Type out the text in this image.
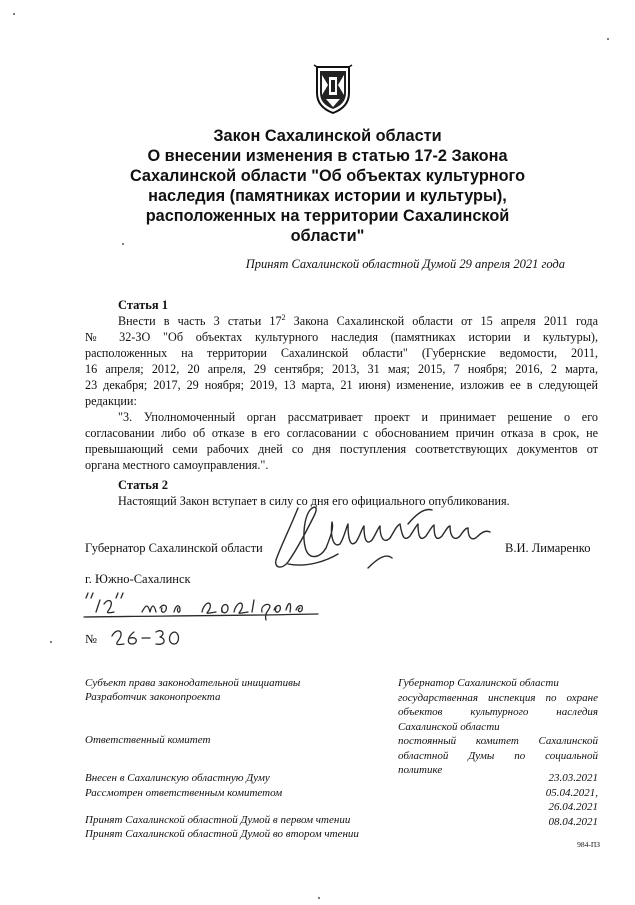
Закон Сахалинской области
О внесении изменения в статью 17-2 Закона
Сахалинской области "Об объектах культурного
наследия (памятниках истории и культуры),
расположенных на территории Сахалинской
области"
Принят Сахалинской областной Думой 29 апреля 2021 года
Статья 1
Внести в часть 3 статьи $17^2$ Закона Сахалинской области от 15 апреля 2011 года
№ 32-ЗО "Об объектах культурного наследия (памятниках истории и культуры),
расположенных на территории Сахалинской области" (Губернские ведомости, 2011,
16 апреля; 2012, 20 апреля, 29 сентября; 2013, 31 мая; 2015, 7 ноября; 2016, 2 марта,
23 декабря; 2017, 29 ноября; 2019, 13 марта, 21 июня) изменение, изложив ее в следующей
редакции:
"3. Уполномоченный орган рассматривает проект и принимает решение о его
согласовании либо об отказе в его согласовании с обоснованием причин отказа в срок, не
превышающий семи рабочих дней со дня поступления соответствующих документов от
органа местного самоуправления.".
Статья 2
Настоящий Закон вступает в силу со дня его официального опубликования.
Губернатор Сахалинской области	В.И. Лимаренко
г. Южно-Сахалинск
№
Субъект права законодательной инициативы	Губернатор Сахалинской области
государственная инспекция по охране
объектов культурного наследия
Сахалинской области
постоянный комитет Сахалинской
областной Думы по социальной
политике
Разработчик законопроекта
Ответственный комитет
Внесен в Сахалинскую областную Думу
Рассмотрен ответственным комитетом
Принят Сахалинской областной Думой в первом чтении
Принят Сахалинской областной Думой во втором чтении
23.03.2021
05.04.2021,
26.04.2021
08.04.2021
984-ПЗ
